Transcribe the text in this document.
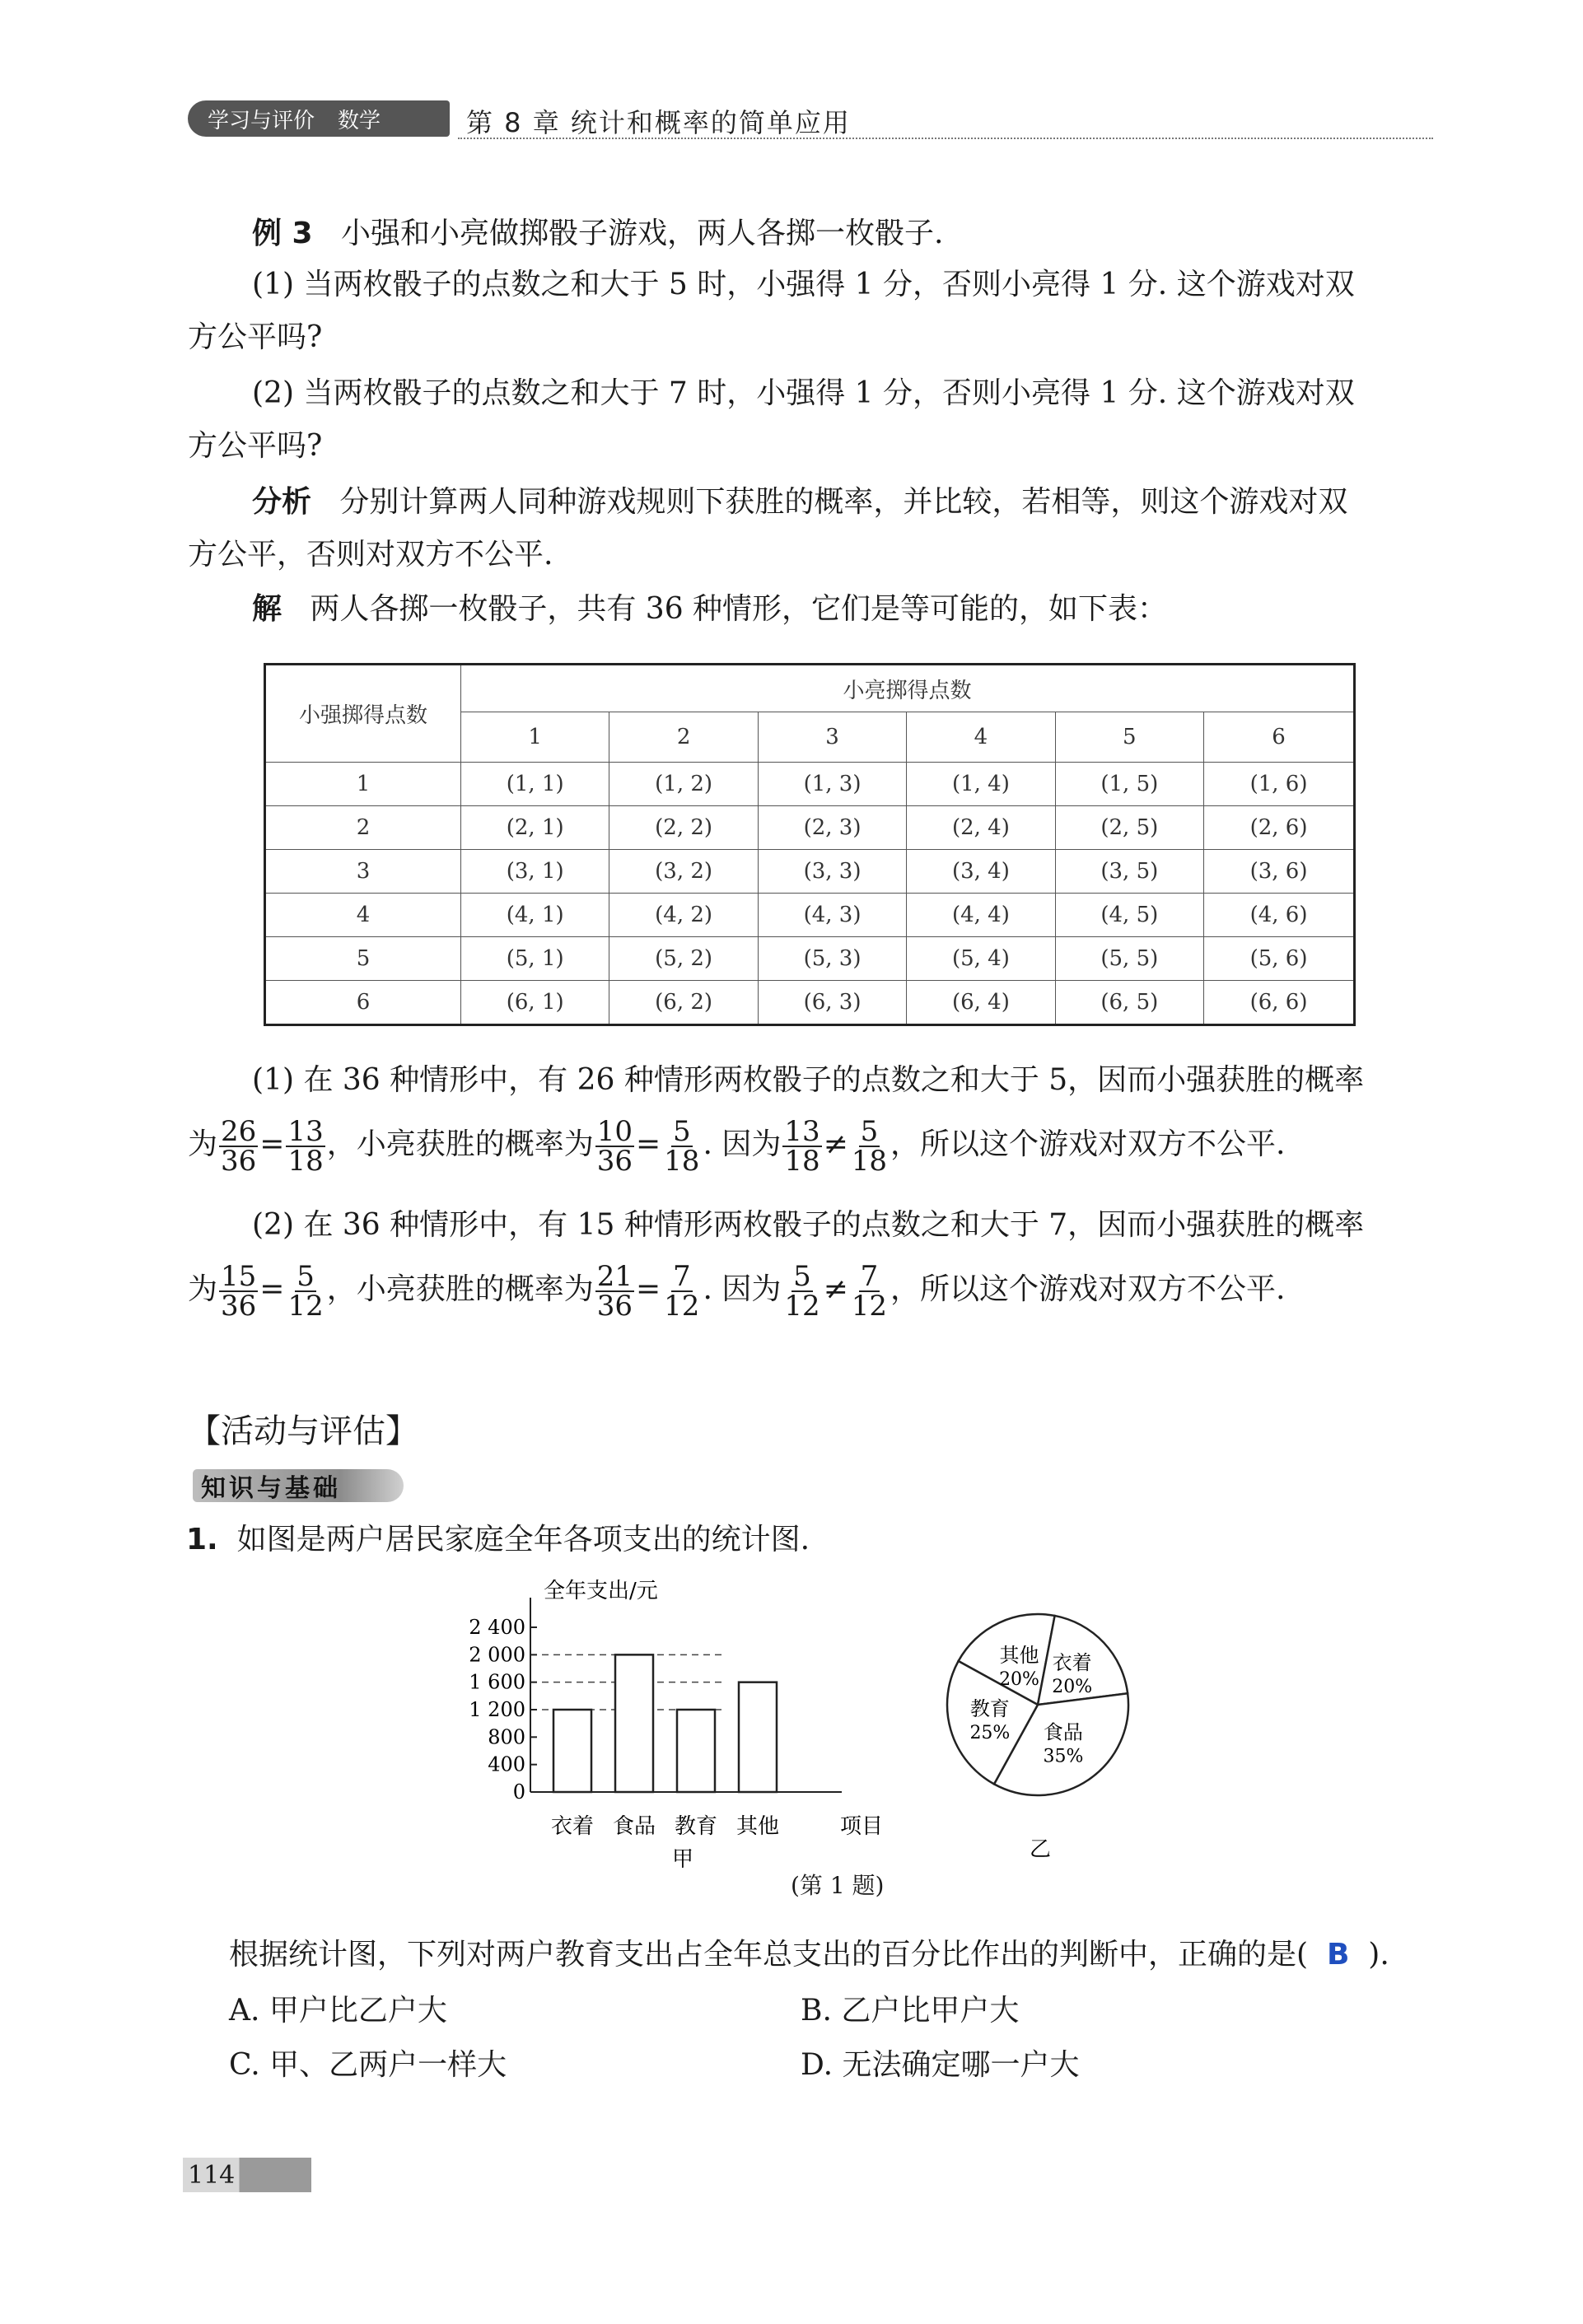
学习与评价 数学	第 8 章 统计和概率的简单应用
例 3 小强和小亮做掷骰子游戏，两人各掷一枚骰子.

(1) 当两枚骰子的点数之和大于 5 时，小强得 1 分，否则小亮得 1 分. 这个游戏对双

方公平吗?

(2) 当两枚骰子的点数之和大于 7 时，小强得 1 分，否则小亮得 1 分. 这个游戏对双

方公平吗?

分析 分别计算两人同种游戏规则下获胜的概率，并比较，若相等，则这个游戏对双

方公平，否则对双方不公平.

解 两人各掷一枚骰子，共有 36 种情形，它们是等可能的，如下表：
小强掷得点数	小亮掷得点数					
	1	2	3	4	5	6
1	(1, 1)	(1, 2)	(1, 3)	(1, 4)	(1, 5)	(1, 6)
2	(2, 1)	(2, 2)	(2, 3)	(2, 4)	(2, 5)	(2, 6)
3	(3, 1)	(3, 2)	(3, 3)	(3, 4)	(3, 5)	(3, 6)
4	(4, 1)	(4, 2)	(4, 3)	(4, 4)	(4, 5)	(4, 6)
5	(5, 1)	(5, 2)	(5, 3)	(5, 4)	(5, 5)	(5, 6)
6	(6, 1)	(6, 2)	(6, 3)	(6, 4)	(6, 5)	(6, 6)

(1) 在 36 种情形中，有 26 种情形两枚骰子的点数之和大于 5，因而小强获胜的概率

为 $\frac{26}{36} = \frac{13}{18}$ ，小亮获胜的概率为 $\frac{10}{36} = \frac{5}{18}$ . 因为 $\frac{13}{18} \ne \frac{5}{18}$ ，所以这个游戏对双方不公平.

(2) 在 36 种情形中，有 15 种情形两枚骰子的点数之和大于 7，因而小强获胜的概率

为 $\frac{15}{36} = \frac{5}{12}$ ，小亮获胜的概率为 $\frac{21}{36} = \frac{7}{12}$ . 因为 $\frac{5}{12} \ne \frac{7}{12}$ ，所以这个游戏对双方不公平.
【活动与评估】
知识与基础
1. 如图是两户居民家庭全年各项支出的统计图.
全年支出/元
0
400
800
1 200
1 600
2 000
2 400
衣着 食品 教育 其他	项目
甲
其他
20%
衣着
20%
食品
35%
教育
25%
乙
(第 1 题)
根据统计图，下列对两户教育支出占全年总支出的百分比作出的判断中，正确的是( B ).

A. 甲户比乙户大	B. 乙户比甲户大

C. 甲、乙两户一样大	D. 无法确定哪一户大

114
